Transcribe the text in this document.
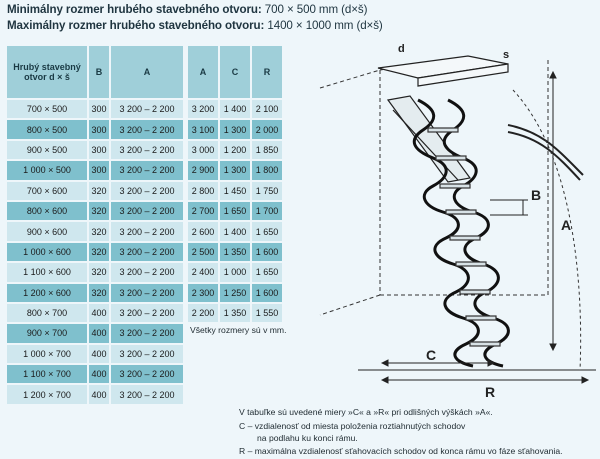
Minimálny rozmer hrubého stavebného otvoru: 700 × 500 mm (d×š)
Maximálny rozmer hrubého stavebného otvoru: 1400 × 1000 mm (d×š)
Hrubý stavebný otvor d × š	B	A
700 × 500	300	3 200 – 2 200
800 × 500	300	3 200 – 2 200
900 × 500	300	3 200 – 2 200
1 000 × 500	300	3 200 – 2 200
700 × 600	320	3 200 – 2 200
800 × 600	320	3 200 – 2 200
900 × 600	320	3 200 – 2 200
1 000 × 600	320	3 200 – 2 200
1 100 × 600	320	3 200 – 2 200
1 200 × 600	320	3 200 – 2 200
800 × 700	400	3 200 – 2 200
900 × 700	400	3 200 – 2 200
1 000 × 700	400	3 200 – 2 200
1 100 × 700	400	3 200 – 2 200
1 200 × 700	400	3 200 – 2 200
A	C	R
3 200	1 400	2 100
3 100	1 300	2 000
3 000	1 200	1 850
2 900	1 300	1 800
2 800	1 450	1 750
2 700	1 650	1 700
2 600	1 400	1 650
2 500	1 350	1 600
2 400	1 000	1 650
2 300	1 250	1 600
2 200	1 350	1 550
Všetky rozmery sú v mm.
d	s
A
B
C
R
V tabuľke sú uvedené miery »C« a »R« pri odlišných výškách »A«.
C – vzdialenosť od miesta položenia roztiahnutých schodov
na podlahu ku konci rámu.
R – maximálna vzdialenosť sťahovacích schodov od konca rámu vo fáze sťahovania.
